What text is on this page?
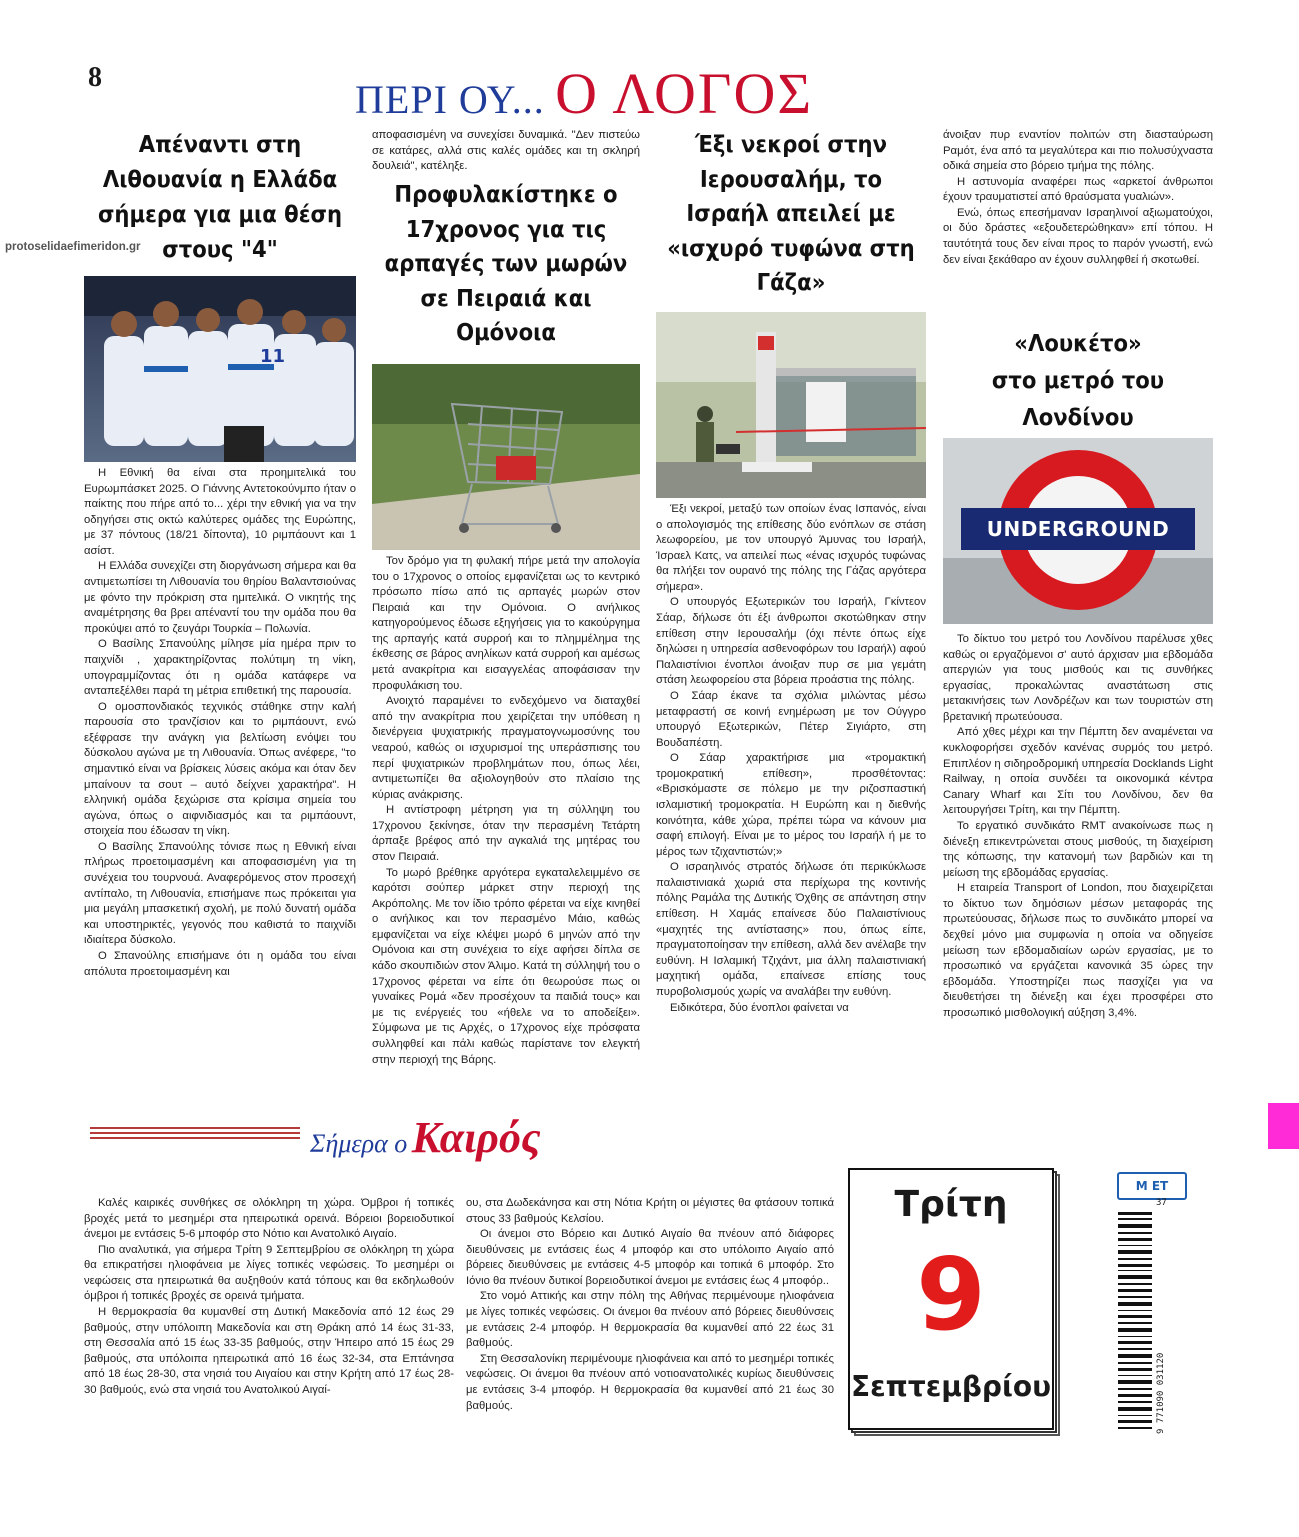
8	ΠΕΡΙ ΟΥ... Ο ΛΟΓΟΣ
Απέναντι στη Λιθουανία η Ελλάδα σήμερα για μια θέση στους "4"
11

Η Εθνική θα είναι στα προημιτελικά του Ευρωμπάσκετ 2025. Ο Γιάννης Αντετοκούνμπο ήταν ο παίκτης που πήρε από το... χέρι την εθνική για να την οδηγήσει στις οκτώ καλύτερες ομάδες της Ευρώπης, με 37 πόντους (18/21 δίποντα), 10 ριμπάουντ και 1 ασίστ.

Η Ελλάδα συνεχίζει στη διοργάνωση σήμερα και θα αντιμετωπίσει τη Λιθουανία του θηρίου Βαλαντσιούνας με φόντο την πρόκριση στα ημιτελικά. Ο νικητής της αναμέτρησης θα βρει απέναντί του την ομάδα που θα προκύψει από το ζευγάρι Τουρκία – Πολωνία.

Ο Βασίλης Σπανούλης μίλησε μία ημέρα πριν το παιχνίδι , χαρακτηρίζοντας πολύτιμη τη νίκη, υπογραμμίζοντας ότι η ομάδα κατάφερε να ανταπεξέλθει παρά τη μέτρια επιθετική της παρουσία.

Ο ομοσπονδιακός τεχνικός στάθηκε στην καλή παρουσία στο τρανζίσιον και το ριμπάουντ, ενώ εξέφρασε την ανάγκη για βελτίωση ενόψει του δύσκολου αγώνα με τη Λιθουανία. Όπως ανέφερε, "το σημαντικό είναι να βρίσκεις λύσεις ακόμα και όταν δεν μπαίνουν τα σουτ – αυτό δείχνει χαρακτήρα". Η ελληνική ομάδα ξεχώρισε στα κρίσιμα σημεία του αγώνα, όπως ο αιφνιδιασμός και τα ριμπάουντ, στοιχεία που έδωσαν τη νίκη.

Ο Βασίλης Σπανούλης τόνισε πως η Εθνική είναι πλήρως προετοιμασμένη και αποφασισμένη για τη συνέχεια του τουρνουά. Αναφερόμενος στον προσεχή αντίπαλο, τη Λιθουανία, επισήμανε πως πρόκειται για μια μεγάλη μπασκετική σχολή, με πολύ δυνατή ομάδα και υποστηρικτές, γεγονός που καθιστά το παιχνίδι ιδιαίτερα δύσκολο.

Ο Σπανούλης επισήμανε ότι η ομάδα του είναι απόλυτα προετοιμασμένη και

protoselidaefimeridon.gr
αποφασισμένη να συνεχίσει δυναμικά. "Δεν πιστεύω σε κατάρες, αλλά στις καλές ομάδες και τη σκληρή δουλειά", κατέληξε.
Προφυλακίστηκε ο 17χρονος για τις αρπαγές των μωρών σε Πειραιά και Ομόνοια

Τον δρόμο για τη φυλακή πήρε μετά την απολογία του ο 17χρονος ο οποίος εμφανίζεται ως το κεντρικό πρόσωπο πίσω από τις αρπαγές μωρών στον Πειραιά και την Ομόνοια. Ο ανήλικος κατηγορούμενος έδωσε εξηγήσεις για το κακούργημα της αρπαγής κατά συρροή και το πλημμέλημα της έκθεσης σε βάρος ανηλίκων κατά συρροή και αμέσως μετά ανακρίτρια και εισαγγελέας αποφάσισαν την προφυλάκιση του.

Ανοιχτό παραμένει το ενδεχόμενο να διαταχθεί από την ανακρίτρια που χειρίζεται την υπόθεση η διενέργεια ψυχιατρικής πραγματογνωμοσύνης του νεαρού, καθώς οι ισχυρισμοί της υπεράσπισης του περί ψυχιατρικών προβλημάτων που, όπως λέει, αντιμετωπίζει θα αξιολογηθούν στο πλαίσιο της κύριας ανάκρισης.

Η αντίστροφη μέτρηση για τη σύλληψη του 17χρονου ξεκίνησε, όταν την περασμένη Τετάρτη άρπαξε βρέφος από την αγκαλιά της μητέρας του στον Πειραιά.

Το μωρό βρέθηκε αργότερα εγκαταλελειμμένο σε καρότσι σούπερ μάρκετ στην περιοχή της Ακρόπολης. Με τον ίδιο τρόπο φέρεται να είχε κινηθεί ο ανήλικος και τον περασμένο Μάιο, καθώς εμφανίζεται να είχε κλέψει μωρό 6 μηνών από την Ομόνοια και στη συνέχεια το είχε αφήσει δίπλα σε κάδο σκουπιδιών στον Άλιμο. Κατά τη σύλληψή του ο 17χρονος φέρεται να είπε ότι θεωρούσε πως οι γυναίκες Ρομά «δεν προσέχουν τα παιδιά τους» και με τις ενέργειές του «ήθελε να το αποδείξει». Σύμφωνα με τις Αρχές, ο 17χρονος είχε πρόσφατα συλληφθεί και πάλι καθώς παρίστανε τον ελεγκτή στην περιοχή της Βάρης.

Έξι νεκροί στην Ιερουσαλήμ, το Ισραήλ απειλεί με «ισχυρό τυφώνα στη Γάζα»

Έξι νεκροί, μεταξύ των οποίων ένας Ισπανός, είναι ο απολογισμός της επίθεσης δύο ενόπλων σε στάση λεωφορείου, με τον υπουργό Άμυνας του Ισραήλ, Ίσραελ Κατς, να απειλεί πως «ένας ισχυρός τυφώνας θα πλήξει τον ουρανό της πόλης της Γάζας αργότερα σήμερα».

Ο υπουργός Εξωτερικών του Ισραήλ, Γκίντεον Σάαρ, δήλωσε ότι έξι άνθρωποι σκοτώθηκαν στην επίθεση στην Ιερουσαλήμ (όχι πέντε όπως είχε δηλώσει η υπηρεσία ασθενοφόρων του Ισραήλ) αφού Παλαιστίνιοι ένοπλοι άνοιξαν πυρ σε μια γεμάτη στάση λεωφορείου στα βόρεια προάστια της πόλης.

Ο Σάαρ έκανε τα σχόλια μιλώντας μέσω μεταφραστή σε κοινή ενημέρωση με τον Ούγγρο υπουργό Εξωτερικών, Πέτερ Σιγιάρτο, στη Βουδαπέστη.

Ο Σάαρ χαρακτήρισε μια «τρομακτική τρομοκρατική επίθεση», προσθέτοντας: «Βρισκόμαστε σε πόλεμο με την ριζοσπαστική ισλαμιστική τρομοκρατία. Η Ευρώπη και η διεθνής κοινότητα, κάθε χώρα, πρέπει τώρα να κάνουν μια σαφή επιλογή. Είναι με το μέρος του Ισραήλ ή με το μέρος των τζιχαντιστών;»

Ο ισραηλινός στρατός δήλωσε ότι περικύκλωσε παλαιστινιακά χωριά στα περίχωρα της κοντινής πόλης Ραμάλα της Δυτικής Όχθης σε απάντηση στην επίθεση. Η Χαμάς επαίνεσε δύο Παλαιστίνιους «μαχητές της αντίστασης» που, όπως είπε, πραγματοποίησαν την επίθεση, αλλά δεν ανέλαβε την ευθύνη. Η Ισλαμική Τζιχάντ, μια άλλη παλαιστινιακή μαχητική ομάδα, επαίνεσε επίσης τους πυροβολισμούς χωρίς να αναλάβει την ευθύνη.

Ειδικότερα, δύο ένοπλοι φαίνεται να

άνοιξαν πυρ εναντίον πολιτών στη διασταύρωση Ραμότ, ένα από τα μεγαλύτερα και πιο πολυσύχναστα οδικά σημεία στο βόρειο τμήμα της πόλης.

Η αστυνομία αναφέρει πως «αρκετοί άνθρωποι έχουν τραυματιστεί από θραύσματα γυαλιών».

Ενώ, όπως επεσήμαναν Ισραηλινοί αξιωματούχοι, οι δύο δράστες «εξουδετερώθηκαν» επί τόπου. Η ταυτότητά τους δεν είναι προς το παρόν γνωστή, ενώ δεν είναι ξεκάθαρο αν έχουν συλληφθεί ή σκοτωθεί.

«Λουκέτο» στο μετρό του Λονδίνου
UNDERGROUND

Το δίκτυο του μετρό του Λονδίνου παρέλυσε χθες καθώς οι εργαζόμενοι σ' αυτό άρχισαν μια εβδομάδα απεργιών για τους μισθούς και τις συνθήκες εργασίας, προκαλώντας αναστάτωση στις μετακινήσεις των Λονδρέζων και των τουριστών στη βρετανική πρωτεύουσα.

Από χθες μέχρι και την Πέμπτη δεν αναμένεται να κυκλοφορήσει σχεδόν κανένας συρμός του μετρό. Επιπλέον η σιδηροδρομική υπηρεσία Docklands Light Railway, η οποία συνδέει τα οικονομικά κέντρα Canary Wharf και Σίτι του Λονδίνου, δεν θα λειτουργήσει Τρίτη, και την Πέμπτη.

Το εργατικό συνδικάτο RMT ανακοίνωσε πως η διένεξη επικεντρώνεται στους μισθούς, τη διαχείριση της κόπωσης, την κατανομή των βαρδιών και τη μείωση της εβδομάδας εργασίας.

Η εταιρεία Transport of London, που διαχειρίζεται το δίκτυο των δημόσιων μέσων μεταφοράς της πρωτεύουσας, δήλωσε πως το συνδικάτο μπορεί να δεχθεί μόνο μια συμφωνία η οποία να οδηγείσε μείωση των εβδομαδιαίων ωρών εργασίας, με το προσωπικό να εργάζεται κανονικά 35 ώρες την εβδομάδα. Υποστηρίζει πως πασχίζει για να διευθετήσει τη διένεξη και έχει προσφέρει στο προσωπικό μισθολογική αύξηση 3,4%.

Σήμερα ο Καιρός

Καλές καιρικές συνθήκες σε ολόκληρη τη χώρα. Όμβροι ή τοπικές βροχές μετά το μεσημέρι στα ηπειρωτικά ορεινά. Βόρειοι βορειοδυτικοί άνεμοι με εντάσεις 5-6 μποφόρ στο Νότιο και Ανατολικό Αιγαίο.

Πιο αναλυτικά, για σήμερα Τρίτη 9 Σεπτεμβρίου σε ολόκληρη τη χώρα θα επικρατήσει ηλιοφάνεια με λίγες τοπικές νεφώσεις. Το μεσημέρι οι νεφώσεις στα ηπειρωτικά θα αυξηθούν κατά τόπους και θα εκδηλωθούν όμβροι ή τοπικές βροχές σε ορεινά τμήματα.

Η θερμοκρασία θα κυμανθεί στη Δυτική Μακεδονία από 12 έως 29 βαθμούς, στην υπόλοιπη Μακεδονία και στη Θράκη από 14 έως 31-33, στη Θεσσαλία από 15 έως 33-35 βαθμούς, στην Ήπειρο από 15 έως 29 βαθμούς, στα υπόλοιπα ηπειρωτικά από 16 έως 32-34, στα Επτάνησα από 18 έως 28-30, στα νησιά του Αιγαίου και στην Κρήτη από 17 έως 28-30 βαθμούς, ενώ στα νησιά του Ανατολικού Αιγαί-

ου, στα Δωδεκάνησα και στη Νότια Κρήτη οι μέγιστες θα φτάσουν τοπικά στους 33 βαθμούς Κελσίου.

Οι άνεμοι στο Βόρειο και Δυτικό Αιγαίο θα πνέουν από διάφορες διευθύνσεις με εντάσεις έως 4 μποφόρ και στο υπόλοιπο Αιγαίο από βόρειες διευθύνσεις με εντάσεις 4-5 μποφόρ και τοπικά 6 μποφόρ. Στο Ιόνιο θα πνέουν δυτικοί βορειοδυτικοί άνεμοι με εντάσεις έως 4 μποφόρ..

Στο νομό Αττικής και στην πόλη της Αθήνας περιμένουμε ηλιοφάνεια με λίγες τοπικές νεφώσεις. Οι άνεμοι θα πνέουν από βόρειες διευθύνσεις με εντάσεις 2-4 μποφόρ. Η θερμοκρασία θα κυμανθεί από 22 έως 31 βαθμούς.

Στη Θεσσαλονίκη περιμένουμε ηλιοφάνεια και από το μεσημέρι τοπικές νεφώσεις. Οι άνεμοι θα πνέουν από νοτιοανατολικές κυρίως διευθύνσεις με εντάσεις 3-4 μποφόρ. Η θερμοκρασία θα κυμανθεί από 21 έως 30 βαθμούς.

Τρίτη
9
Σεπτεμβρίου
Μ ΕΤ
9 771090 031120
37
